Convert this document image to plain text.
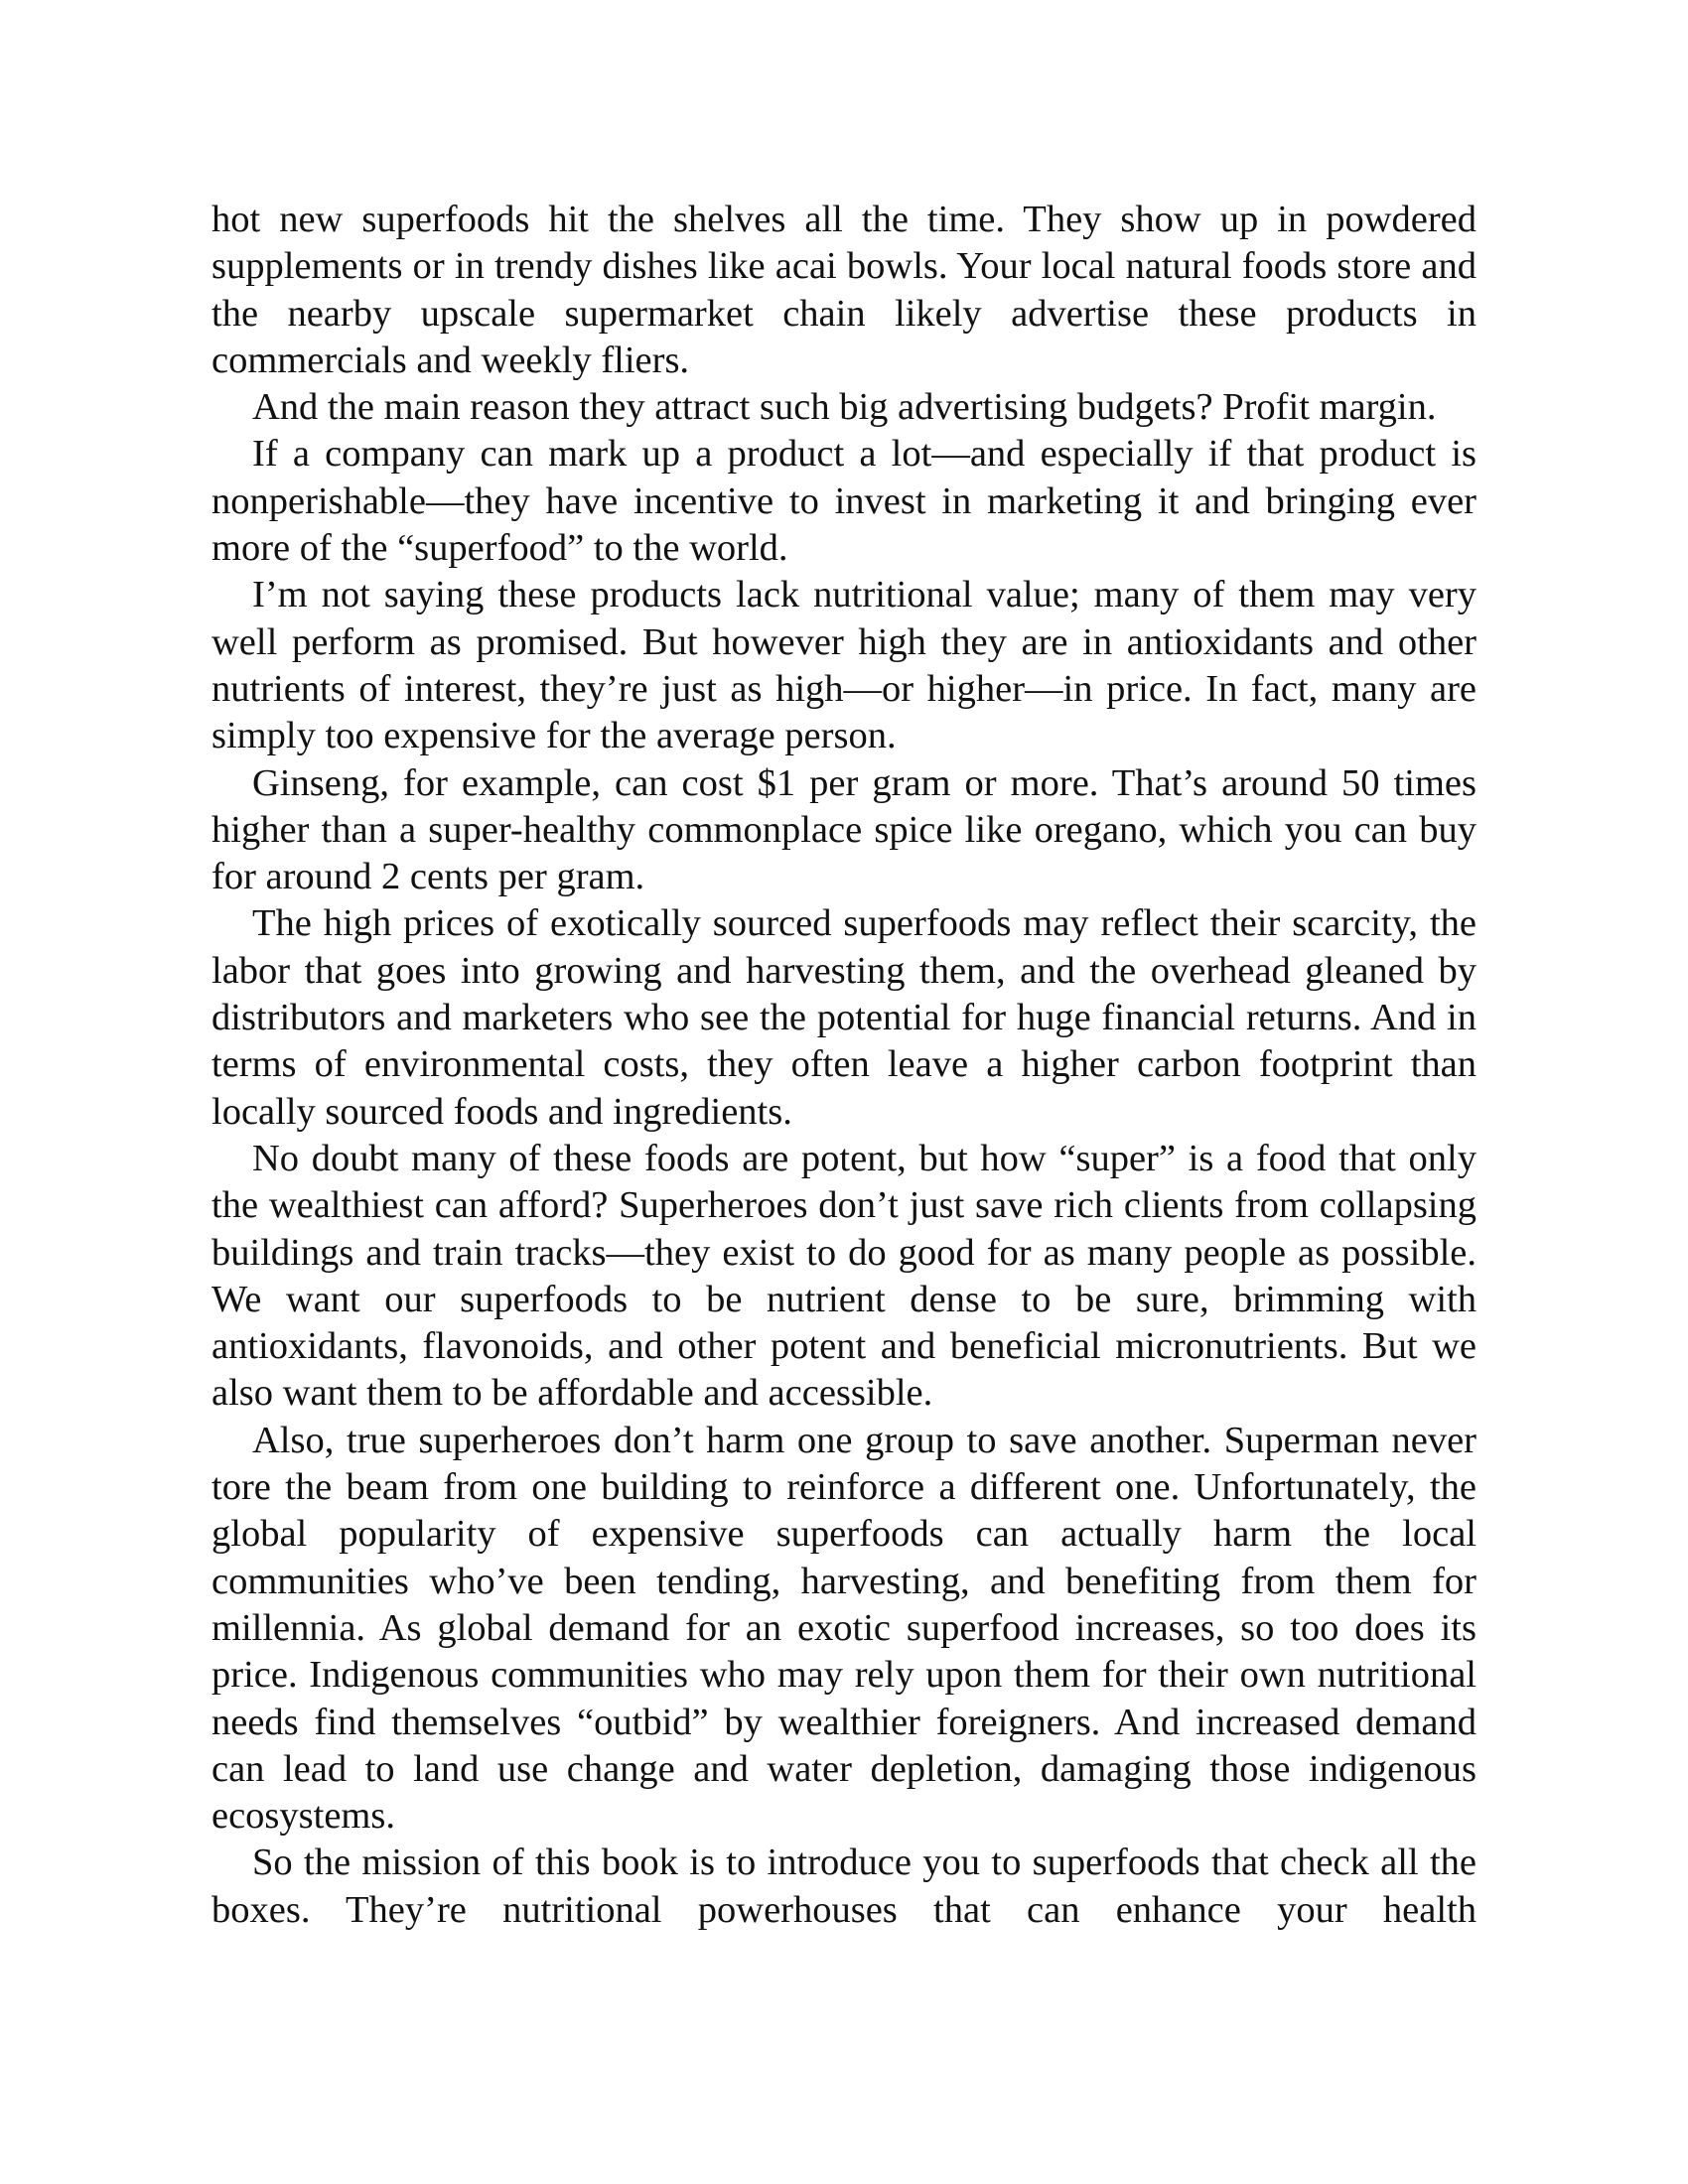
hot new superfoods hit the shelves all the time. They show up in powdered supplements or in trendy dishes like acai bowls. Your local natural foods store and the nearby upscale supermarket chain likely advertise these products in commercials and weekly fliers.

And the main reason they attract such big advertising budgets? Profit margin.

If a company can mark up a product a lot—and especially if that product is nonperishable—they have incentive to invest in marketing it and bringing ever more of the “superfood” to the world.

I’m not saying these products lack nutritional value; many of them may very well perform as promised. But however high they are in antioxidants and other nutrients of interest, they’re just as high—or higher—in price. In fact, many are simply too expensive for the average person.

Ginseng, for example, can cost $1 per gram or more. That’s around 50 times higher than a super-healthy commonplace spice like oregano, which you can buy for around 2 cents per gram.

The high prices of exotically sourced superfoods may reflect their scarcity, the labor that goes into growing and harvesting them, and the overhead gleaned by distributors and marketers who see the potential for huge financial returns. And in terms of environmental costs, they often leave a higher carbon footprint than locally sourced foods and ingredients.

No doubt many of these foods are potent, but how “super” is a food that only the wealthiest can afford? Superheroes don’t just save rich clients from collapsing buildings and train tracks—they exist to do good for as many people as possible. We want our superfoods to be nutrient dense to be sure, brimming with antioxidants, flavonoids, and other potent and beneficial micronutrients. But we also want them to be affordable and accessible.

Also, true superheroes don’t harm one group to save another. Superman never tore the beam from one building to reinforce a different one. Unfortunately, the global popularity of expensive superfoods can actually harm the local communities who’ve been tending, harvesting, and benefiting from them for millennia. As global demand for an exotic superfood increases, so too does its price. Indigenous communities who may rely upon them for their own nutritional needs find themselves “outbid” by wealthier foreigners. And increased demand can lead to land use change and water depletion, damaging those indigenous ecosystems.

So the mission of this book is to introduce you to superfoods that check all the boxes. They’re nutritional powerhouses that can enhance your health
